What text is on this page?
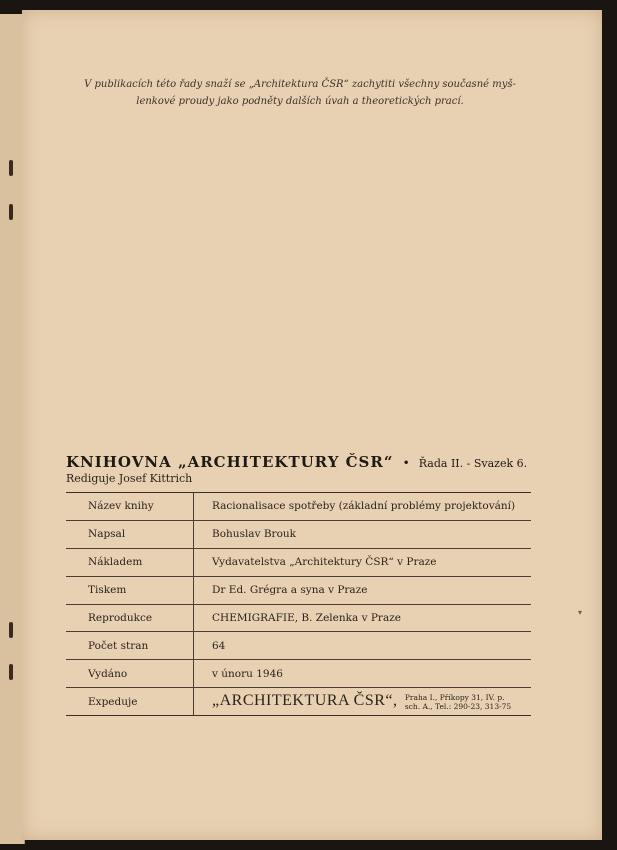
V publikacích této řady snaží se „Architektura ČSR“ zachytiti všechny současné myš-
lenkové proudy jako podněty dalších úvah a theoretických prací.
KNIHOVNA „ARCHITEKTURY ČSR“ • Řada II. - Svazek 6.
Rediguje Josef Kittrich
Název knihy	Racionalisace spotřeby (základní problémy projektování)
Napsal	Bohuslav Brouk
Nákladem	Vydavatelstva „Architektury ČSR“ v Praze
Tiskem	Dr Ed. Grégra a syna v Praze
Reprodukce	CHEMIGRAFIE, B. Zelenka v Praze
Počet stran	64
Vydáno	v únoru 1946
Expeduje	„ARCHITEKTURA ČSR“, Praha I., Příkopy 31, IV. p.
sch. A., Tel.: 290-23, 313-75
▾
